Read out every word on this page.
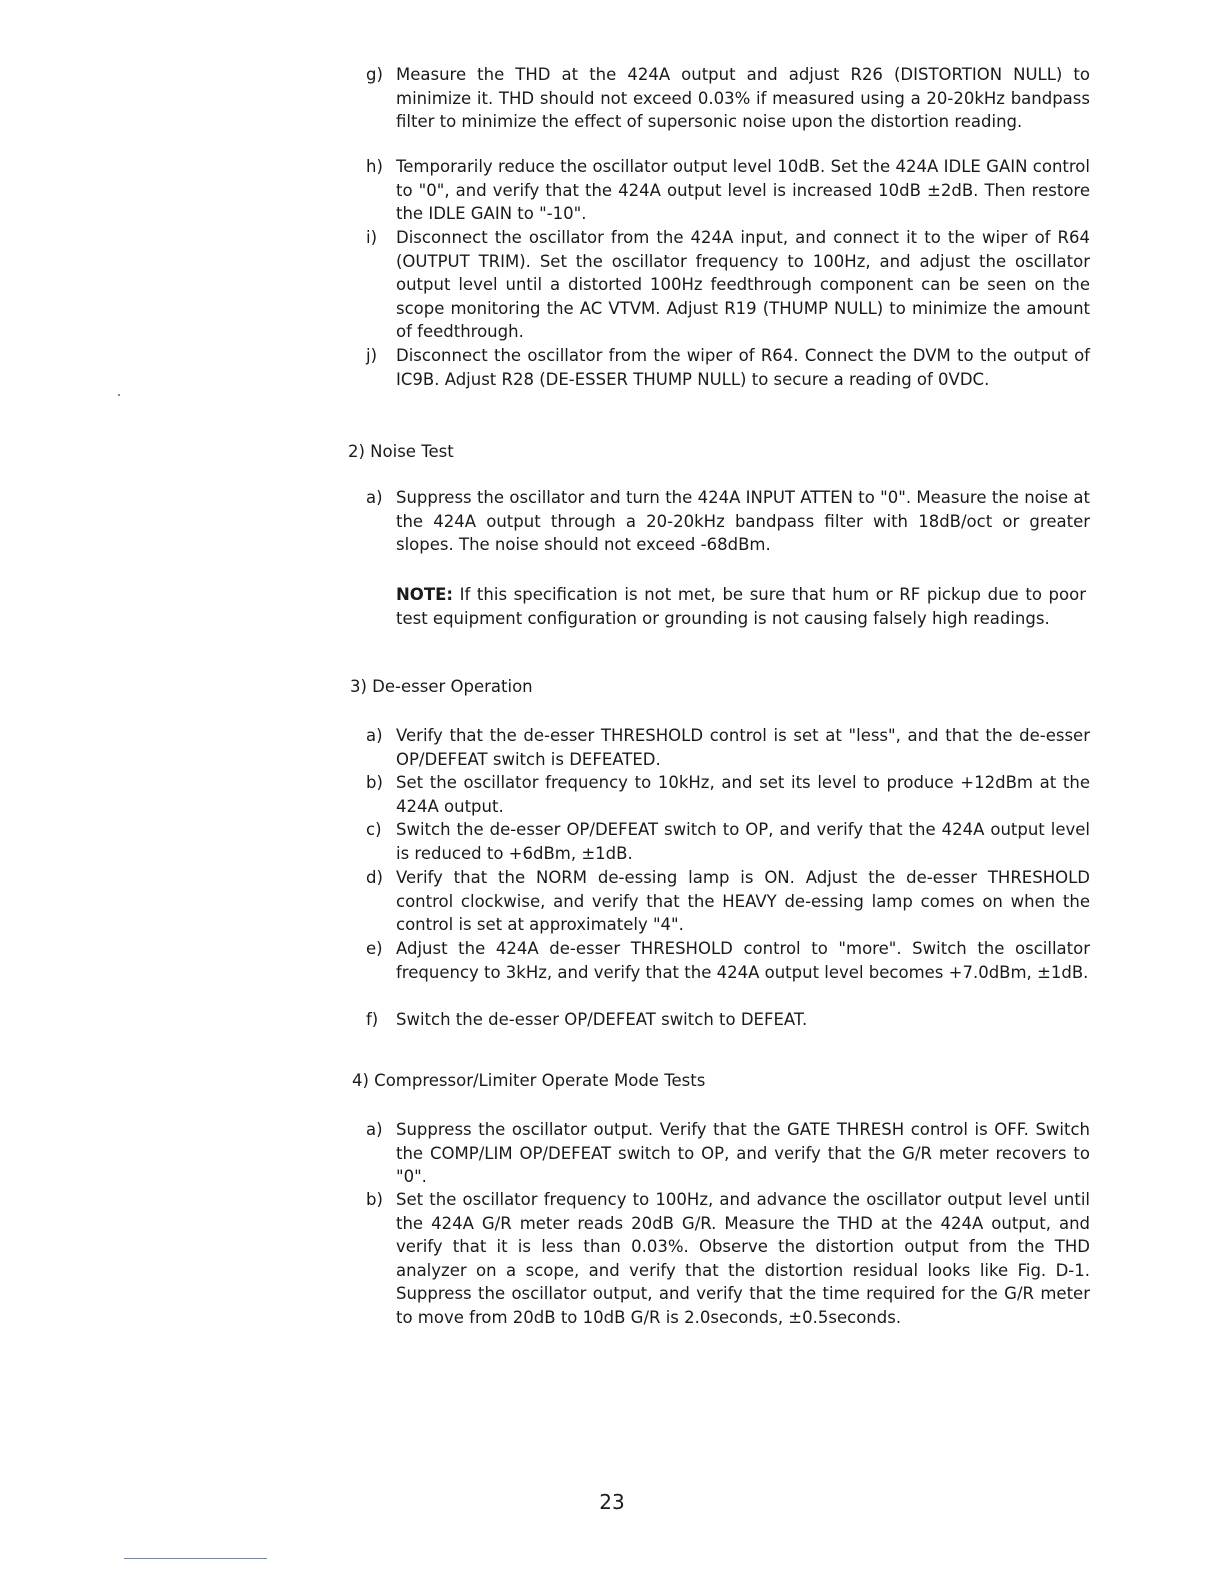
g) Measure the THD at the 424A output and adjust R26 (DISTORTION NULL) to minimize it. THD should not exceed 0.03% if measured using a 20-20kHz bandpass filter to minimize the effect of supersonic noise upon the distortion reading.
h) Temporarily reduce the oscillator output level 10dB. Set the 424A IDLE GAIN control to "0", and verify that the 424A output level is increased 10dB ±2dB. Then restore the IDLE GAIN to "-10".
i) Disconnect the oscillator from the 424A input, and connect it to the wiper of R64 (OUTPUT TRIM). Set the oscillator frequency to 100Hz, and adjust the oscillator output level until a distorted 100Hz feedthrough component can be seen on the scope monitoring the AC VTVM. Adjust R19 (THUMP NULL) to minimize the amount of feedthrough.
j) Disconnect the oscillator from the wiper of R64. Connect the DVM to the output of IC9B. Adjust R28 (DE-ESSER THUMP NULL) to secure a reading of 0VDC.
2) Noise Test
a) Suppress the oscillator and turn the 424A INPUT ATTEN to "0". Measure the noise at the 424A output through a 20-20kHz bandpass filter with 18dB/oct or greater slopes. The noise should not exceed -68dBm.
NOTE: If this specification is not met, be sure that hum or RF pickup due to poor test equipment configuration or grounding is not causing falsely high readings.
3) De-esser Operation
a) Verify that the de-esser THRESHOLD control is set at "less", and that the de-esser OP/DEFEAT switch is DEFEATED.
b) Set the oscillator frequency to 10kHz, and set its level to produce +12dBm at the 424A output.
c) Switch the de-esser OP/DEFEAT switch to OP, and verify that the 424A output level is reduced to +6dBm, ±1dB.
d) Verify that the NORM de-essing lamp is ON. Adjust the de-esser THRESHOLD control clockwise, and verify that the HEAVY de-essing lamp comes on when the control is set at approximately "4".
e) Adjust the 424A de-esser THRESHOLD control to "more". Switch the oscillator frequency to 3kHz, and verify that the 424A output level becomes +7.0dBm, ±1dB.
f) Switch the de-esser OP/DEFEAT switch to DEFEAT.
4) Compressor/Limiter Operate Mode Tests
a) Suppress the oscillator output. Verify that the GATE THRESH control is OFF. Switch the COMP/LIM OP/DEFEAT switch to OP, and verify that the G/R meter recovers to "0".
b) Set the oscillator frequency to 100Hz, and advance the oscillator output level until the 424A G/R meter reads 20dB G/R. Measure the THD at the 424A output, and verify that it is less than 0.03%. Observe the distortion output from the THD analyzer on a scope, and verify that the distortion residual looks like Fig. D-1. Suppress the oscillator output, and verify that the time required for the G/R meter to move from 20dB to 10dB G/R is 2.0seconds, ±0.5seconds.
23
